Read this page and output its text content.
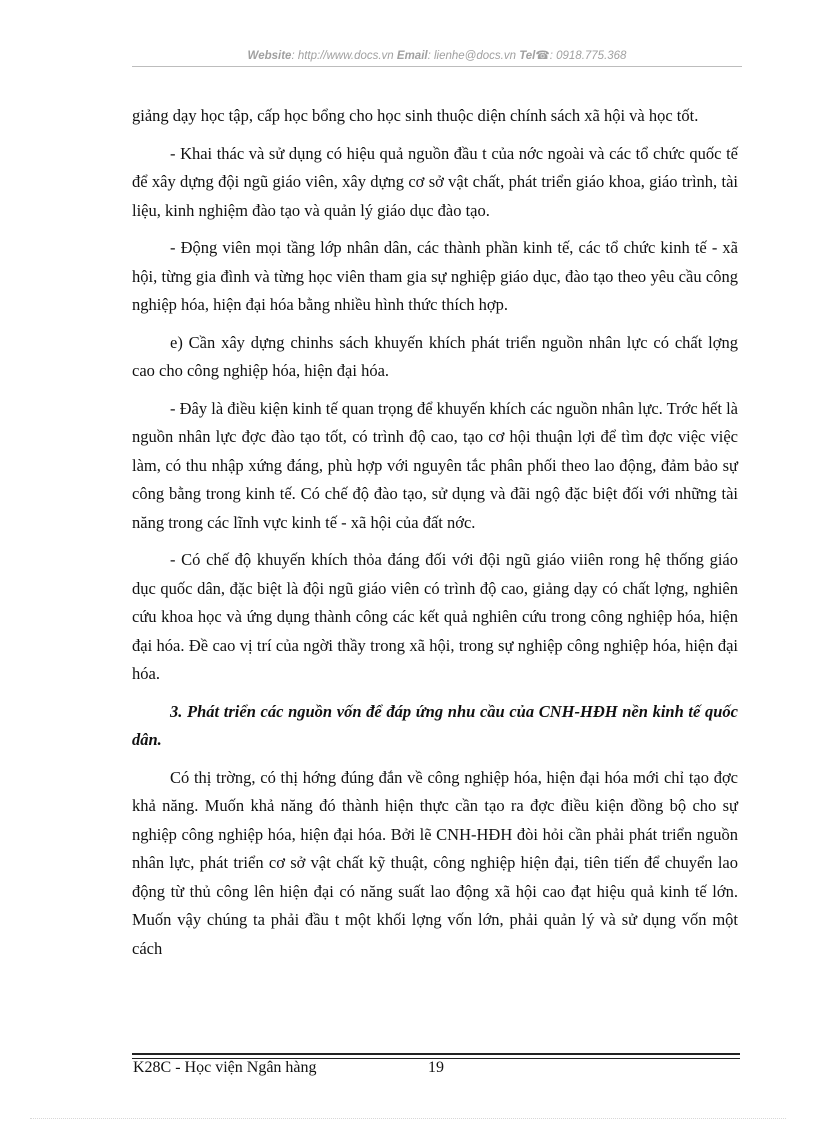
Website: http://www.docs.vn Email: lienhe@docs.vn Tel☎: 0918.775.368

giảng dạy học tập, cấp học bổng cho học sinh thuộc diện chính sách xã hội và học tốt.

- Khai thác và sử dụng có hiệu quả nguồn đầu t của nớc ngoài và các tổ chức quốc tế để xây dựng đội ngũ giáo viên, xây dựng cơ sở vật chất, phát triển giáo khoa, giáo trình, tài liệu, kinh nghiệm đào tạo và quản lý giáo dục đào tạo.

- Động viên mọi tầng lớp nhân dân, các thành phần kinh tế, các tổ chức kinh tế - xã hội, từng gia đình và từng học viên tham gia sự nghiệp giáo dục, đào tạo theo yêu cầu công nghiệp hóa, hiện đại hóa bằng nhiều hình thức thích hợp.

e) Cần xây dựng chinhs sách khuyến khích phát triển nguồn nhân lực có chất lợng cao cho công nghiệp hóa, hiện đại hóa.

- Đây là điều kiện kinh tế quan trọng để khuyến khích các nguồn nhân lực. Trớc hết là nguồn nhân lực đợc đào tạo tốt, có trình độ cao, tạo cơ hội thuận lợi để tìm đợc việc việc làm, có thu nhập xứng đáng, phù hợp với nguyên tắc phân phối theo lao động, đảm bảo sự công bằng trong kinh tế. Có chế độ đào tạo, sử dụng và đãi ngộ đặc biệt đối với những tài năng trong các lĩnh vực kinh tế - xã hội của đất nớc.

- Có chế độ khuyến khích thỏa đáng đối với đội ngũ giáo viiên rong hệ thống giáo dục quốc dân, đặc biệt là đội ngũ giáo viên có trình độ cao, giảng dạy có chất lợng, nghiên cứu khoa học và ứng dụng thành công các kết quả nghiên cứu trong công nghiệp hóa, hiện đại hóa. Đề cao vị trí của ngời thầy trong xã hội, trong sự nghiệp công nghiệp hóa, hiện đại hóa.

3. Phát triển các nguồn vốn để đáp ứng nhu cầu của CNH-HĐH nền kinh tế quốc dân.

Có thị trờng, có thị hớng đúng đắn về công nghiệp hóa, hiện đại hóa mới chỉ tạo đợc khả năng. Muốn khả năng đó thành hiện thực cần tạo ra đợc điều kiện đồng bộ cho sự nghiệp công nghiệp hóa, hiện đại hóa. Bởi lẽ CNH-HĐH đòi hỏi cần phải phát triển nguồn nhân lực, phát triển cơ sở vật chất kỹ thuật, công nghiệp hiện đại, tiên tiến để chuyển lao động từ thủ công lên hiện đại có năng suất lao động xã hội cao đạt hiệu quả kinh tế lớn. Muốn vậy chúng ta phải đầu t một khối lợng vốn lớn, phải quản lý và sử dụng vốn một cách

K28C - Học viện Ngân hàng	19
